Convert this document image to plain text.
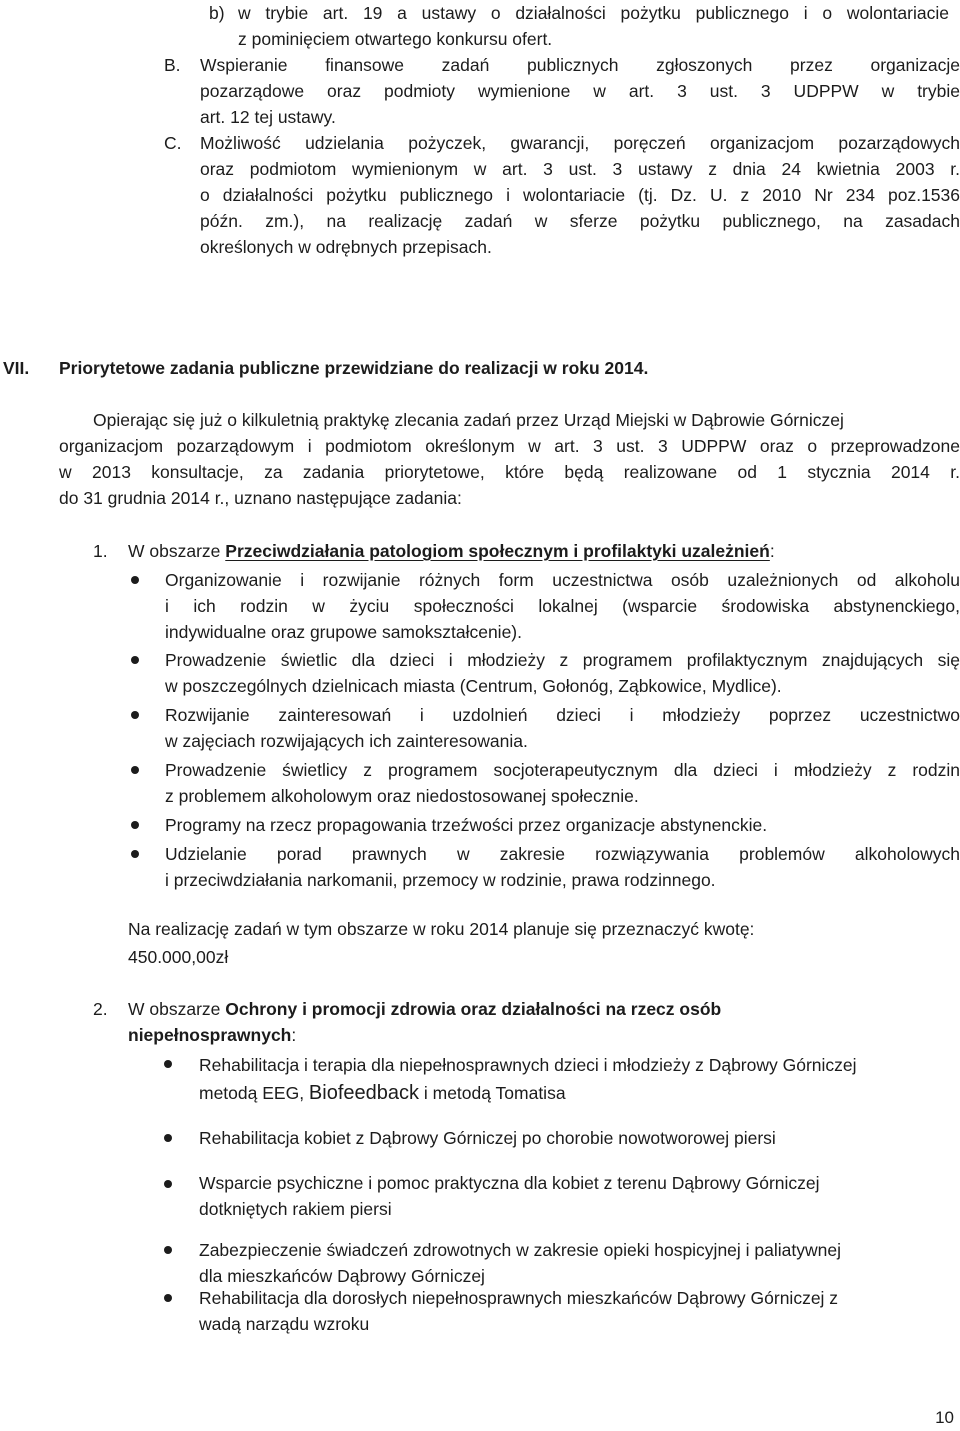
b) w trybie art. 19 a ustawy o działalności pożytku publicznego i o wolontariacie
z pominięciem otwartego konkursu ofert.
B. Wspieranie finansowe zadań publicznych zgłoszonych przez organizacje
pozarządowe oraz podmioty wymienione w art. 3 ust. 3 UDPPW w trybie
art. 12 tej ustawy.
C. Możliwość udzielania pożyczek, gwarancji, poręczeń organizacjom pozarządowych
oraz podmiotom wymienionym w art. 3 ust. 3 ustawy z dnia 24 kwietnia 2003 r.
o działalności pożytku publicznego i wolontariacie (tj. Dz. U. z 2010 Nr 234 poz.1536
późn. zm.), na realizację zadań w sferze pożytku publicznego, na zasadach
określonych w odrębnych przepisach.
VII. Priorytetowe zadania publiczne przewidziane do realizacji w roku 2014.
Opierając się już o kilkuletnią praktykę zlecania zadań przez Urząd Miejski w Dąbrowie Górniczej
organizacjom pozarządowym i podmiotom określonym w art. 3 ust. 3 UDPPW oraz o przeprowadzone
w 2013 konsultacje, za zadania priorytetowe, które będą realizowane od 1 stycznia 2014 r.
do 31 grudnia 2014 r., uznano następujące zadania:
1. W obszarze Przeciwdziałania patologiom społecznym i profilaktyki uzależnień:
Organizowanie i rozwijanie różnych form uczestnictwa osób uzależnionych od alkoholu
i ich rodzin w życiu społeczności lokalnej (wsparcie środowiska abstynenckiego,
indywidualne oraz grupowe samokształcenie).
Prowadzenie świetlic dla dzieci i młodzieży z programem profilaktycznym znajdujących się
w poszczególnych dzielnicach miasta (Centrum, Gołonóg, Ząbkowice, Mydlice).
Rozwijanie zainteresowań i uzdolnień dzieci i młodzieży poprzez uczestnictwo
w zajęciach rozwijających ich zainteresowania.
Prowadzenie świetlicy z programem socjoterapeutycznym dla dzieci i młodzieży z rodzin
z problemem alkoholowym oraz niedostosowanej społecznie.
Programy na rzecz propagowania trzeźwości przez organizacje abstynenckie.
Udzielanie porad prawnych w zakresie rozwiązywania problemów alkoholowych
i przeciwdziałania narkomanii, przemocy w rodzinie, prawa rodzinnego.
Na realizację zadań w tym obszarze w roku 2014 planuje się przeznaczyć kwotę:
450.000,00zł
2. W obszarze Ochrony i promocji zdrowia oraz działalności na rzecz osób
niepełnosprawnych:
Rehabilitacja i terapia dla niepełnosprawnych dzieci i młodzieży z Dąbrowy Górniczej
metodą EEG, Biofeedback i metodą Tomatisa
Rehabilitacja kobiet z Dąbrowy Górniczej po chorobie nowotworowej piersi
Wsparcie psychiczne i pomoc praktyczna dla kobiet z terenu Dąbrowy Górniczej
dotkniętych rakiem piersi
Zabezpieczenie świadczeń zdrowotnych w zakresie opieki hospicyjnej i paliatywnej
dla mieszkańców Dąbrowy Górniczej
Rehabilitacja dla dorosłych niepełnosprawnych mieszkańców Dąbrowy Górniczej z
wadą narządu wzroku
10
